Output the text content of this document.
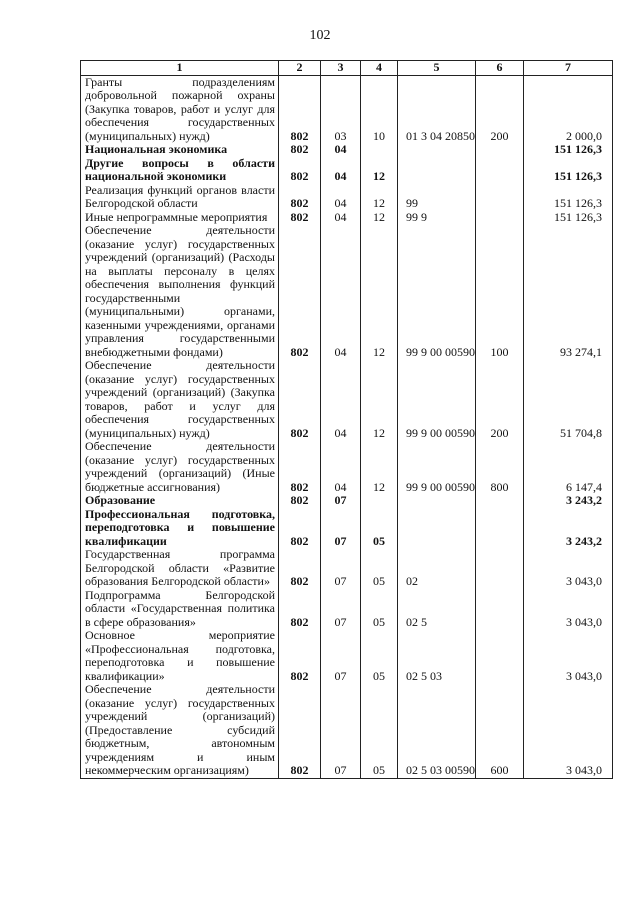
102
1	2	3	4	5	6	7
Гранты подразделениям добровольной пожарной охраны (Закупка товаров, работ и услуг для обеспечения государственных (муниципальных) нужд)	802	03	10	01 3 04 20850	200	2 000,0
Национальная экономика	802	04				151 126,3
Другие вопросы в области национальной экономики	802	04	12			151 126,3
Реализация функций органов власти Белгородской области	802	04	12	99		151 126,3
Иные непрограммные мероприятия	802	04	12	99 9		151 126,3
Обеспечение деятельности (оказание услуг) государственных учреждений (организаций) (Расходы на выплаты персоналу в целях обеспечения выполнения функций государственными (муниципальными) органами, казенными учреждениями, органами управления государственными внебюджетными фондами)	802	04	12	99 9 00 00590	100	93 274,1
Обеспечение деятельности (оказание услуг) государственных учреждений (организаций) (Закупка товаров, работ и услуг для обеспечения государственных (муниципальных) нужд)	802	04	12	99 9 00 00590	200	51 704,8
Обеспечение деятельности (оказание услуг) государственных учреждений (организаций) (Иные бюджетные ассигнования)	802	04	12	99 9 00 00590	800	6 147,4
Образование	802	07				3 243,2
Профессиональная подготовка, переподготовка и повышение квалификации	802	07	05			3 243,2
Государственная программа Белгородской области «Развитие образования Белгородской области»	802	07	05	02		3 043,0
Подпрограмма Белгородской области «Государственная политика в сфере образования»	802	07	05	02 5		3 043,0
Основное мероприятие «Профессиональная подготовка, переподготовка и повышение квалификации»	802	07	05	02 5 03		3 043,0
Обеспечение деятельности (оказание услуг) государственных учреждений (организаций) (Предоставление субсидий бюджетным, автономным учреждениям и иным некоммерческим организациям)	802	07	05	02 5 03 00590	600	3 043,0
